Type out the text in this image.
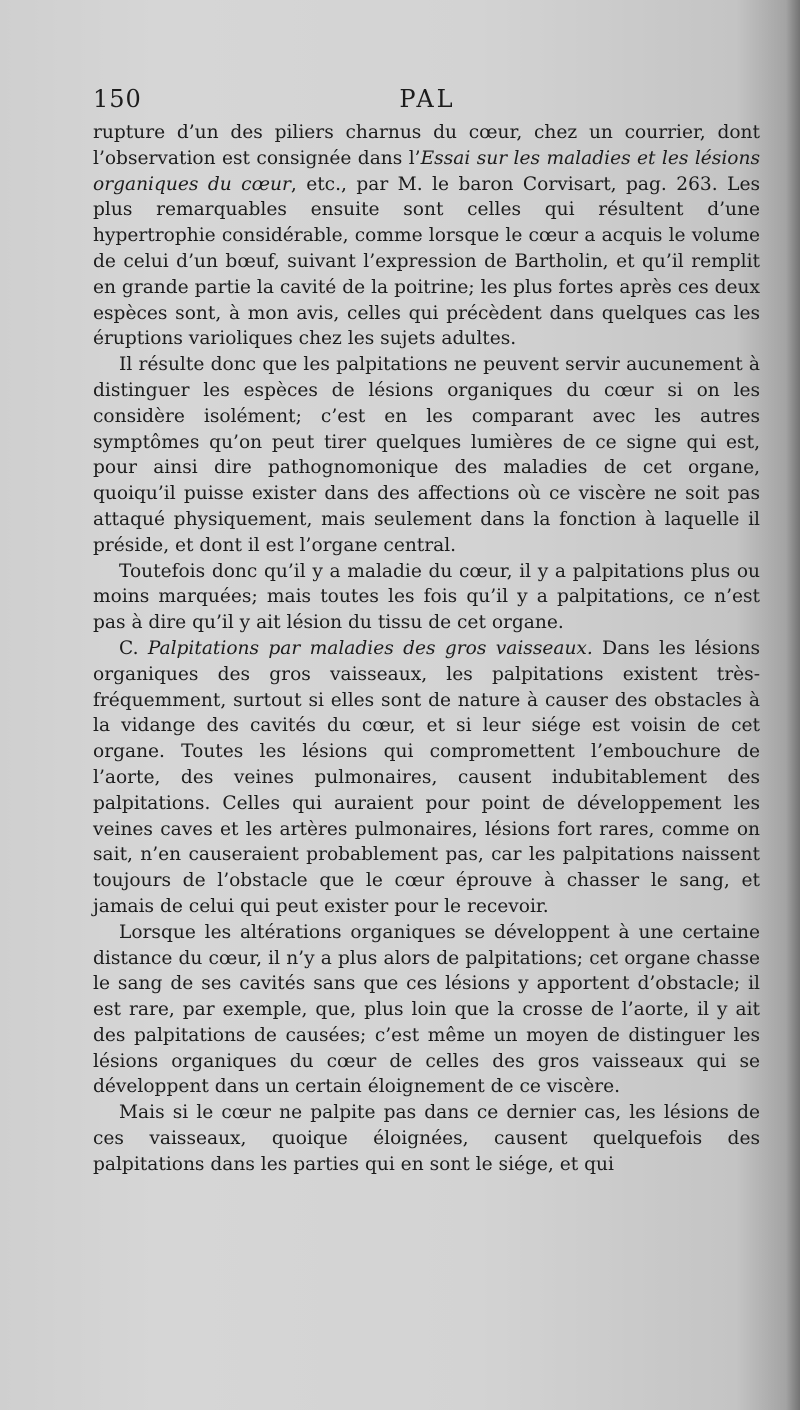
150	PAL

rupture d’un des piliers charnus du cœur, chez un courrier, dont l’observation est consignée dans l’Essai sur les maladies et les lésions organiques du cœur, etc., par M. le baron Corvisart, pag. 263. Les plus remarquables ensuite sont celles qui résultent d’une hypertrophie considérable, comme lorsque le cœur a acquis le volume de celui d’un bœuf, suivant l’expression de Bartholin, et qu’il remplit en grande partie la cavité de la poitrine; les plus fortes après ces deux espèces sont, à mon avis, celles qui précèdent dans quelques cas les éruptions varioliques chez les sujets adultes.

Il résulte donc que les palpitations ne peuvent servir aucunement à distinguer les espèces de lésions organiques du cœur si on les considère isolément; c’est en les comparant avec les autres symptômes qu’on peut tirer quelques lumières de ce signe qui est, pour ainsi dire pathognomonique des maladies de cet organe, quoiqu’il puisse exister dans des affections où ce viscère ne soit pas attaqué physiquement, mais seulement dans la fonction à laquelle il préside, et dont il est l’organe central.

Toutefois donc qu’il y a maladie du cœur, il y a palpitations plus ou moins marquées; mais toutes les fois qu’il y a palpitations, ce n’est pas à dire qu’il y ait lésion du tissu de cet organe.

C. Palpitations par maladies des gros vaisseaux. Dans les lésions organiques des gros vaisseaux, les palpitations existent très-fréquemment, surtout si elles sont de nature à causer des obstacles à la vidange des cavités du cœur, et si leur siége est voisin de cet organe. Toutes les lésions qui compromettent l’embouchure de l’aorte, des veines pulmonaires, causent indubitablement des palpitations. Celles qui auraient pour point de développement les veines caves et les artères pulmonaires, lésions fort rares, comme on sait, n’en causeraient probablement pas, car les palpitations naissent toujours de l’obstacle que le cœur éprouve à chasser le sang, et jamais de celui qui peut exister pour le recevoir.

Lorsque les altérations organiques se développent à une certaine distance du cœur, il n’y a plus alors de palpitations; cet organe chasse le sang de ses cavités sans que ces lésions y apportent d’obstacle; il est rare, par exemple, que, plus loin que la crosse de l’aorte, il y ait des palpitations de causées; c’est même un moyen de distinguer les lésions organiques du cœur de celles des gros vaisseaux qui se développent dans un certain éloignement de ce viscère.

Mais si le cœur ne palpite pas dans ce dernier cas, les lésions de ces vaisseaux, quoique éloignées, causent quelquefois des palpitations dans les parties qui en sont le siége, et qui
